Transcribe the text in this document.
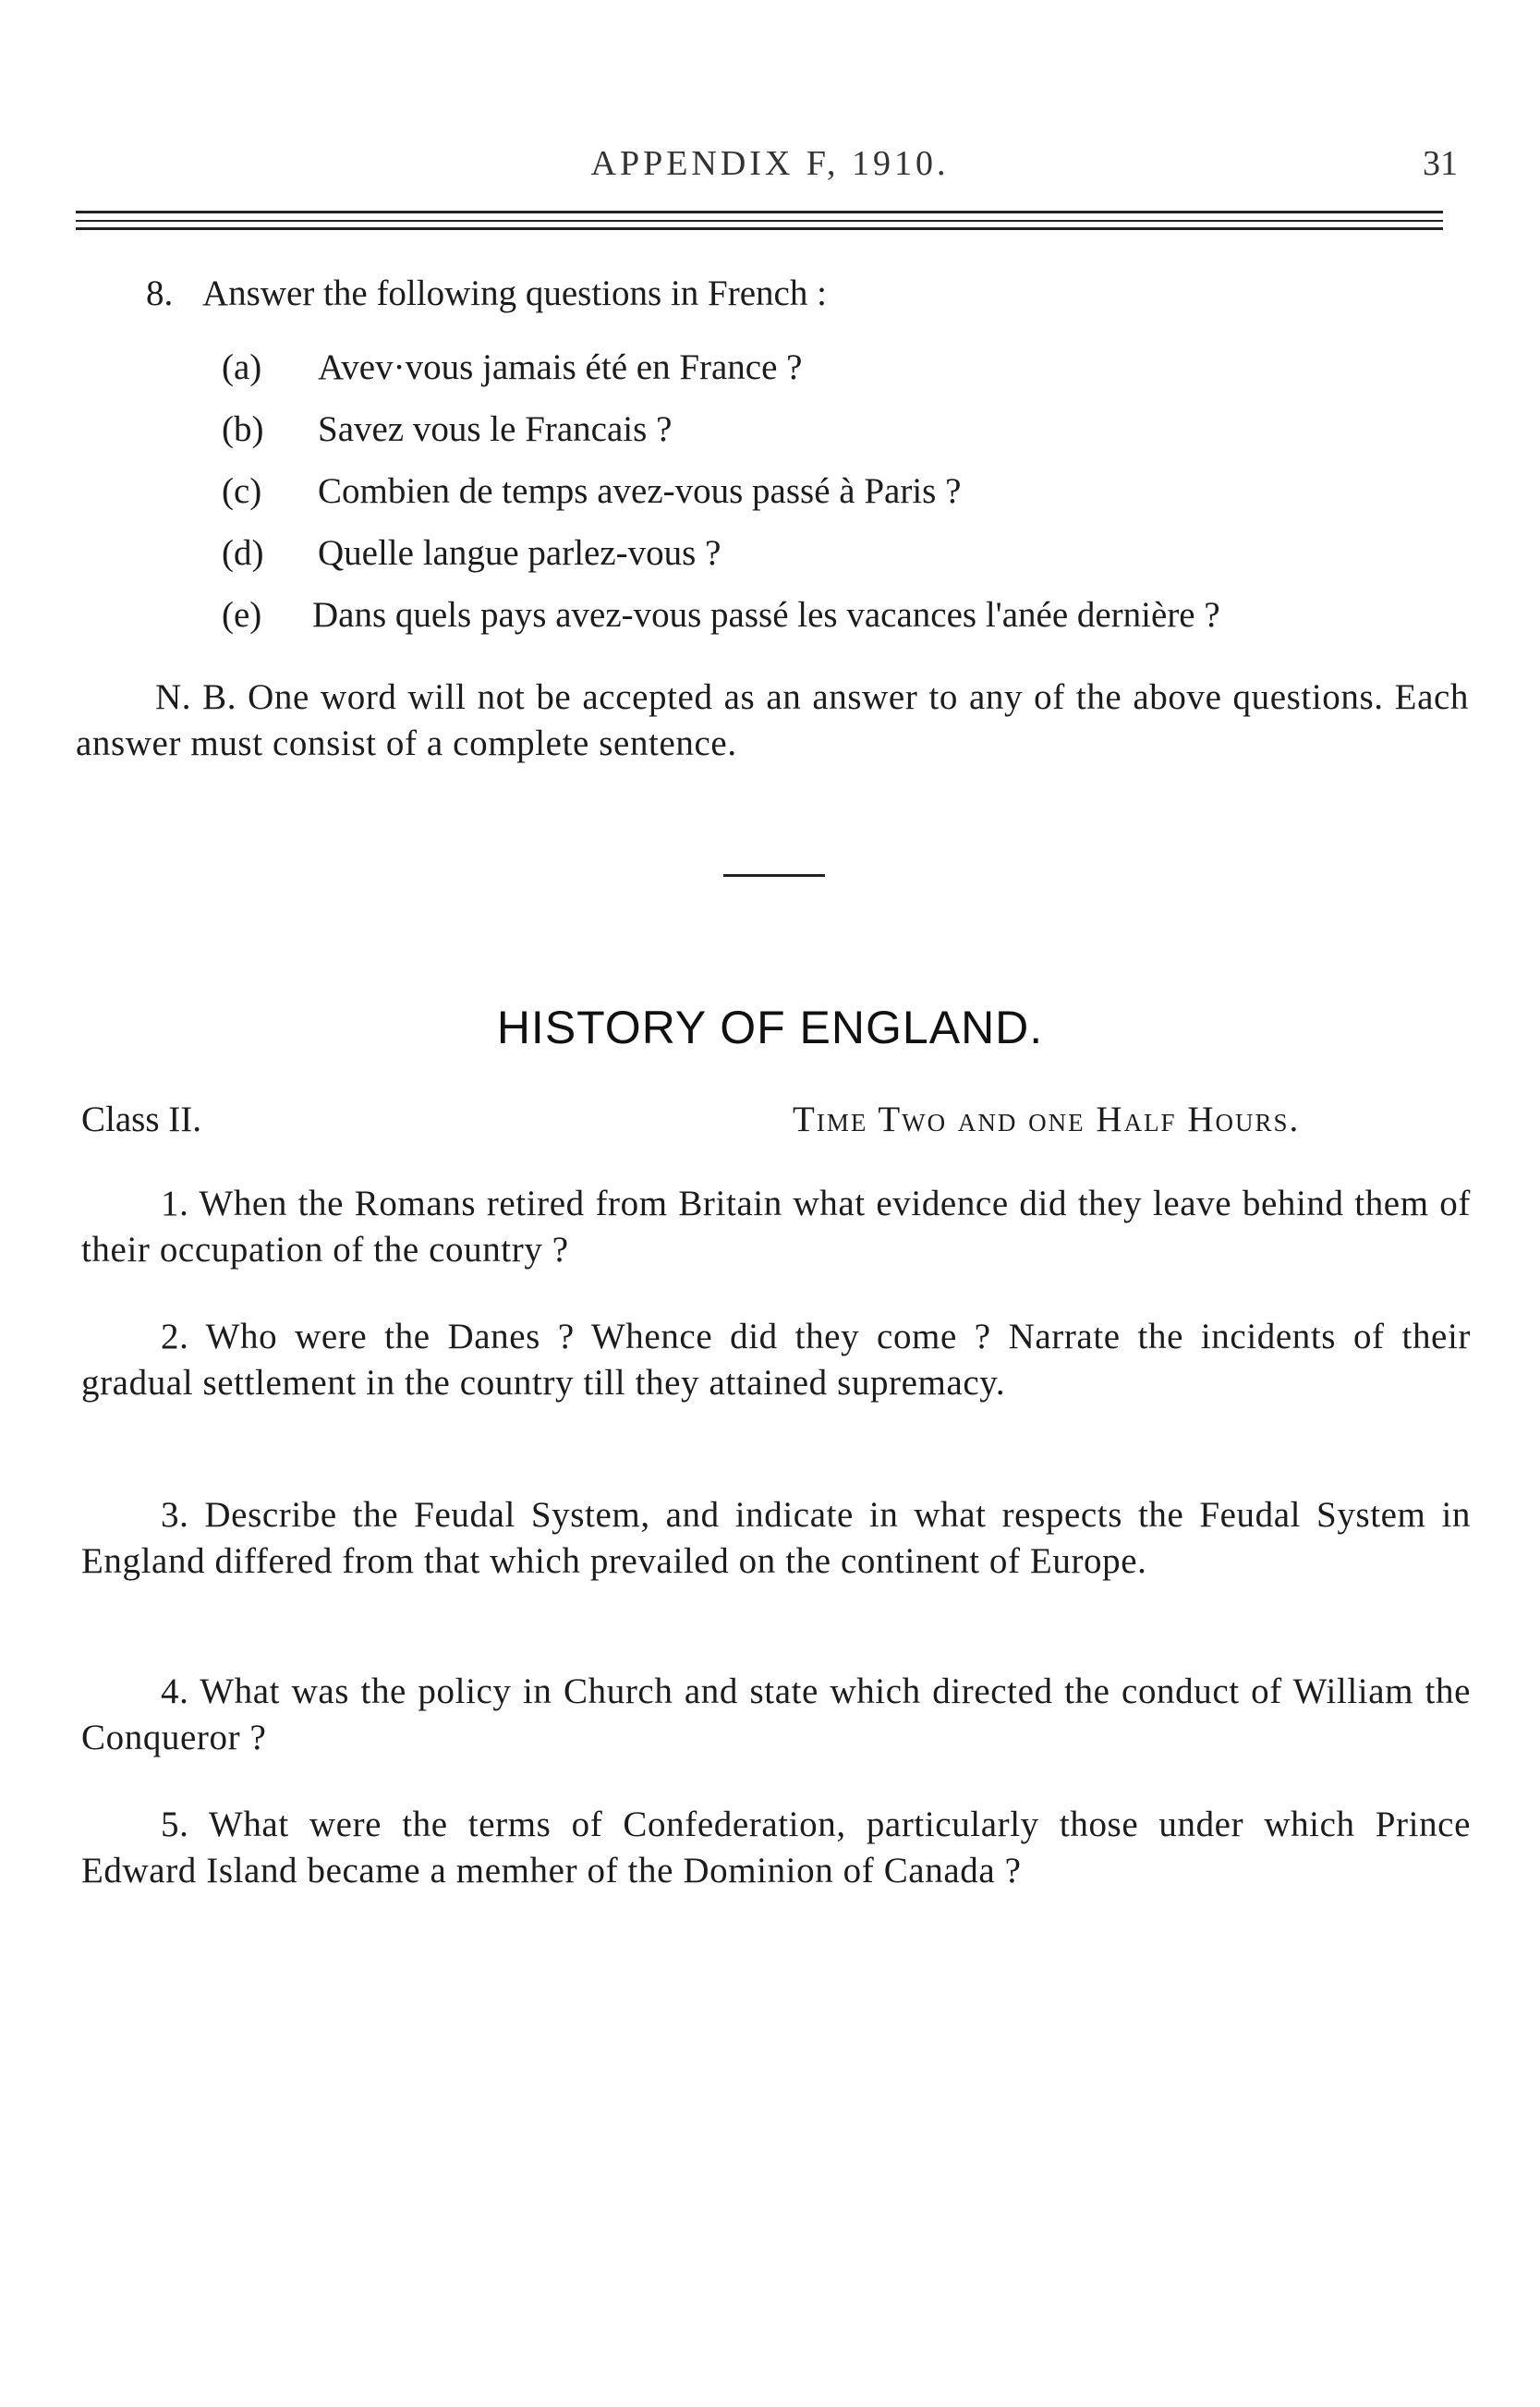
APPENDIX F, 1910.	31
8. Answer the following questions in French :
(a) Avev·vous jamais été en France ?
(b) Savez vous le Francais ?
(c) Combien de temps avez-vous passé à Paris ?
(d) Quelle langue parlez-vous ?
(e) Dans quels pays avez-vous passé les vacances l'anée dernière ?
N. B. One word will not be accepted as an answer to any of the above questions. Each answer must consist of a complete sentence.
HISTORY OF ENGLAND.
Class II.	Time Two and one Half Hours.
1. When the Romans retired from Britain what evidence did they leave behind them of their occupation of the country ?
2. Who were the Danes ? Whence did they come ? Narrate the incidents of their gradual settlement in the country till they attained supremacy.
3. Describe the Feudal System, and indicate in what respects the Feudal System in England differed from that which prevailed on the continent of Europe.
4. What was the policy in Church and state which directed the conduct of William the Conqueror ?
5. What were the terms of Confederation, particularly those under which Prince Edward Island became a memher of the Dominion of Canada ?
